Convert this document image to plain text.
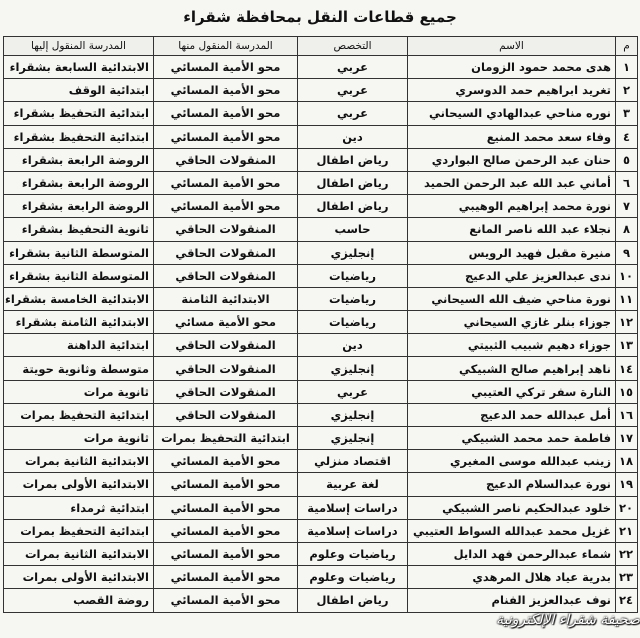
جميع قطاعات النقل بمحافظة شقراء
م	الاسم	التخصص	المدرسة المنقول منها	المدرسة المنقول إليها
١	هدى محمد حمود الزومان	عربي	محو الأمية المسائي	الابتدائية السابعة بشقراء
٢	تغريد ابراهيم حمد الدوسري	عربي	محو الأمية المسائي	ابتدائية الوقف
٣	نوره مناحي عبدالهادي السيحاني	عربي	محو الأمية المسائي	ابتدائية التحفيظ بشقراء
٤	وفاء سعد محمد المنيع	دين	محو الأمية المسائي	ابتدائية التحفيظ بشقراء
٥	حنان عبد الرحمن صالح البواردي	رياض اطفال	المنقولات الحاقي	الروضة الرابعة بشقراء
٦	أماني عبد الله عبد الرحمن الحميد	رياض اطفال	محو الأمية المسائي	الروضة الرابعة بشقراء
٧	نورة محمد إبراهيم الوهيبي	رياض اطفال	محو الأمية المسائي	الروضة الرابعة بشقراء
٨	نجلاء عبد الله ناصر المانع	حاسب	المنقولات الحاقي	ثانوية التحفيظ بشقراء
٩	منيرة مقبل فهيد الرويس	إنجليزي	المنقولات الحاقي	المتوسطة الثانية بشقراء
١٠	ندى عبدالعزيز علي الدعيج	رياضيات	المنقولات الحاقي	المتوسطة الثانية بشقراء
١١	نورة مناحي ضيف الله السيحاني	رياضيات	الابتدائية الثامنة	الابتدائية الخامسة بشقراء
١٢	جوزاء بنلر غازي السيحاني	رياضيات	محو الأمية مسائي	الابتدائية الثامنة بشقراء
١٣	جوزاء دهيم شبيب الثبيتي	دين	المنقولات الحاقي	ابتدائية الداهنة
١٤	ناهد إبراهيم صالح الشبيكي	إنجليزي	المنقولات الحاقي	متوسطة وثانوية حويتة
١٥	النارة سفر تركي العتيبي	عربي	المنقولات الحاقي	ثانوية مرات
١٦	أمل عبدالله حمد الدعيج	إنجليزي	المنقولات الحاقي	ابتدائية التحفيظ بمرات
١٧	فاطمة حمد محمد الشبيكي	إنجليزي	ابتدائية التحفيظ بمرات	ثانوية مرات
١٨	زينب عبدالله موسى المغيري	اقتصاد منزلي	محو الأمية المسائي	الابتدائية الثانية بمرات
١٩	نورة عبدالسلام الدعيج	لغة عربية	محو الأمية المسائي	الابتدائية الأولى بمرات
٢٠	خلود عبدالحكيم ناصر الشبيكي	دراسات إسلامية	محو الأمية المسائي	ابتدائية ثرمداء
٢١	غزيل محمد عبدالله السواط العتيبي	دراسات إسلامية	محو الأمية المسائي	ابتدائية التحفيظ بمرات
٢٢	شماء عبدالرحمن فهد الدايل	رياضيات وعلوم	محو الأمية المسائي	الابتدائية الثانية بمرات
٢٣	بدرية عياد هلال المرهدي	رياضيات وعلوم	محو الأمية المسائي	الابتدائية الأولى بمرات
٢٤	نوف عبدالعزيز الفنام	رياض اطفال	محو الأمية المسائي	روضة القصب
صحيفة شقراء الإلكترونية
